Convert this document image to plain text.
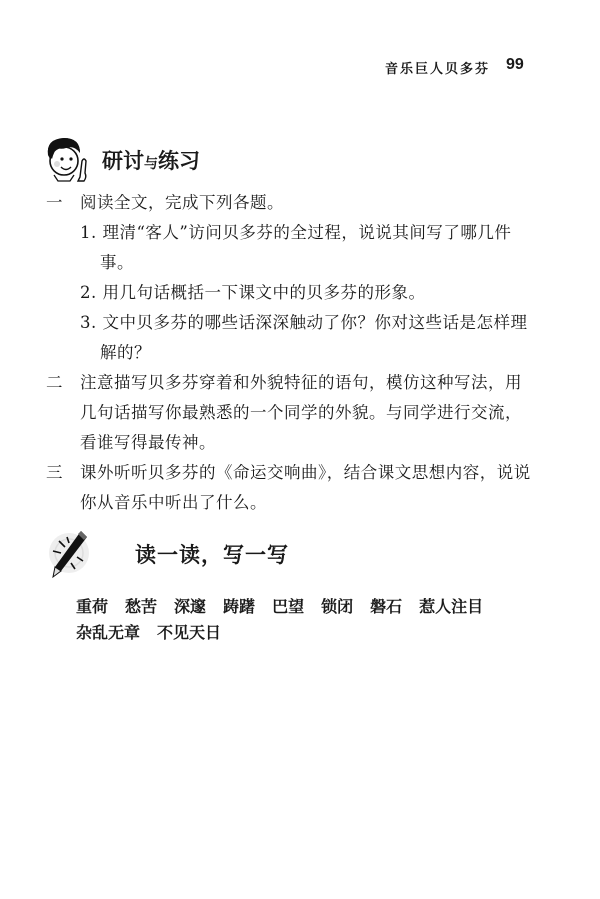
音乐巨人贝多芬 99
研讨与练习
一 阅读全文，完成下列各题。
1. 理清“客人”访问贝多芬的全过程，说说其间写了哪几件
事。
2. 用几句话概括一下课文中的贝多芬的形象。
3. 文中贝多芬的哪些话深深触动了你？你对这些话是怎样理
解的？
二 注意描写贝多芬穿着和外貌特征的语句，模仿这种写法，用
几句话描写你最熟悉的一个同学的外貌。与同学进行交流，
看谁写得最传神。
三 课外听听贝多芬的《命运交响曲》，结合课文思想内容，说说
你从音乐中听出了什么。
读一读，写一写
重荷 愁苦 深邃 踌躇 巴望 锁闭 磐石 惹人注目
杂乱无章 不见天日
